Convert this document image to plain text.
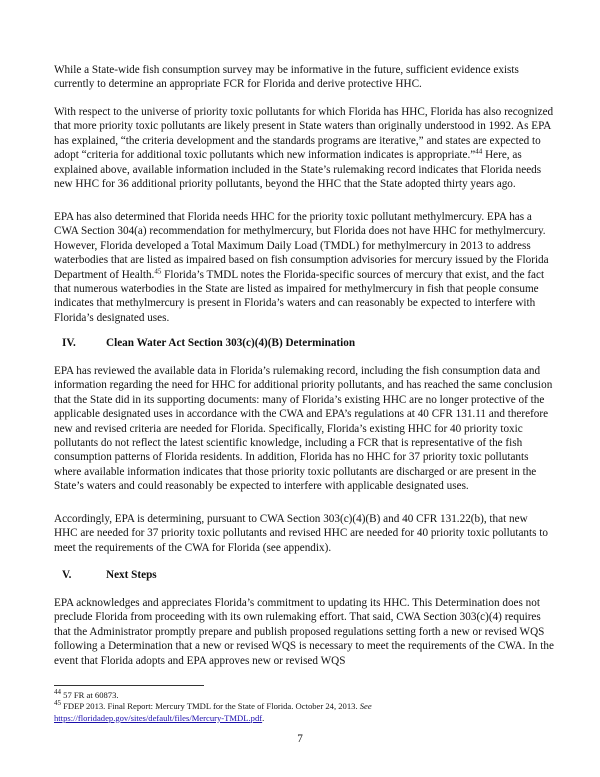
While a State-wide fish consumption survey may be informative in the future, sufficient evidence exists currently to determine an appropriate FCR for Florida and derive protective HHC.

With respect to the universe of priority toxic pollutants for which Florida has HHC, Florida has also recognized that more priority toxic pollutants are likely present in State waters than originally understood in 1992. As EPA has explained, “the criteria development and the standards programs are iterative,” and states are expected to adopt “criteria for additional toxic pollutants which new information indicates is appropriate.”$^{44}$ Here, as explained above, available information included in the State’s rulemaking record indicates that Florida needs new HHC for 36 additional priority pollutants, beyond the HHC that the State adopted thirty years ago.

EPA has also determined that Florida needs HHC for the priority toxic pollutant methylmercury. EPA has a CWA Section 304(a) recommendation for methylmercury, but Florida does not have HHC for methylmercury. However, Florida developed a Total Maximum Daily Load (TMDL) for methylmercury in 2013 to address waterbodies that are listed as impaired based on fish consumption advisories for mercury issued by the Florida Department of Health.$^{45}$ Florida’s TMDL notes the Florida-specific sources of mercury that exist, and the fact that numerous waterbodies in the State are listed as impaired for methylmercury in fish that people consume indicates that methylmercury is present in Florida’s waters and can reasonably be expected to interfere with Florida’s designated uses.

IV.	Clean Water Act Section 303(c)(4)(B) Determination

EPA has reviewed the available data in Florida’s rulemaking record, including the fish consumption data and information regarding the need for HHC for additional priority pollutants, and has reached the same conclusion that the State did in its supporting documents: many of Florida’s existing HHC are no longer protective of the applicable designated uses in accordance with the CWA and EPA’s regulations at 40 CFR 131.11 and therefore new and revised criteria are needed for Florida. Specifically, Florida’s existing HHC for 40 priority toxic pollutants do not reflect the latest scientific knowledge, including a FCR that is representative of the fish consumption patterns of Florida residents. In addition, Florida has no HHC for 37 priority toxic pollutants where available information indicates that those priority toxic pollutants are discharged or are present in the State’s waters and could reasonably be expected to interfere with applicable designated uses.

Accordingly, EPA is determining, pursuant to CWA Section 303(c)(4)(B) and 40 CFR 131.22(b), that new HHC are needed for 37 priority toxic pollutants and revised HHC are needed for 40 priority toxic pollutants to meet the requirements of the CWA for Florida (see appendix).

V.	Next Steps

EPA acknowledges and appreciates Florida’s commitment to updating its HHC. This Determination does not preclude Florida from proceeding with its own rulemaking effort. That said, CWA Section 303(c)(4) requires that the Administrator promptly prepare and publish proposed regulations setting forth a new or revised WQS following a Determination that a new or revised WQS is necessary to meet the requirements of the CWA. In the event that Florida adopts and EPA approves new or revised WQS

$^{44}$ 57 FR at 60873.
$^{45}$ FDEP 2013. Final Report: Mercury TMDL for the State of Florida. October 24, 2013. See
https://floridadep.gov/sites/default/files/Mercury-TMDL.pdf.
7
